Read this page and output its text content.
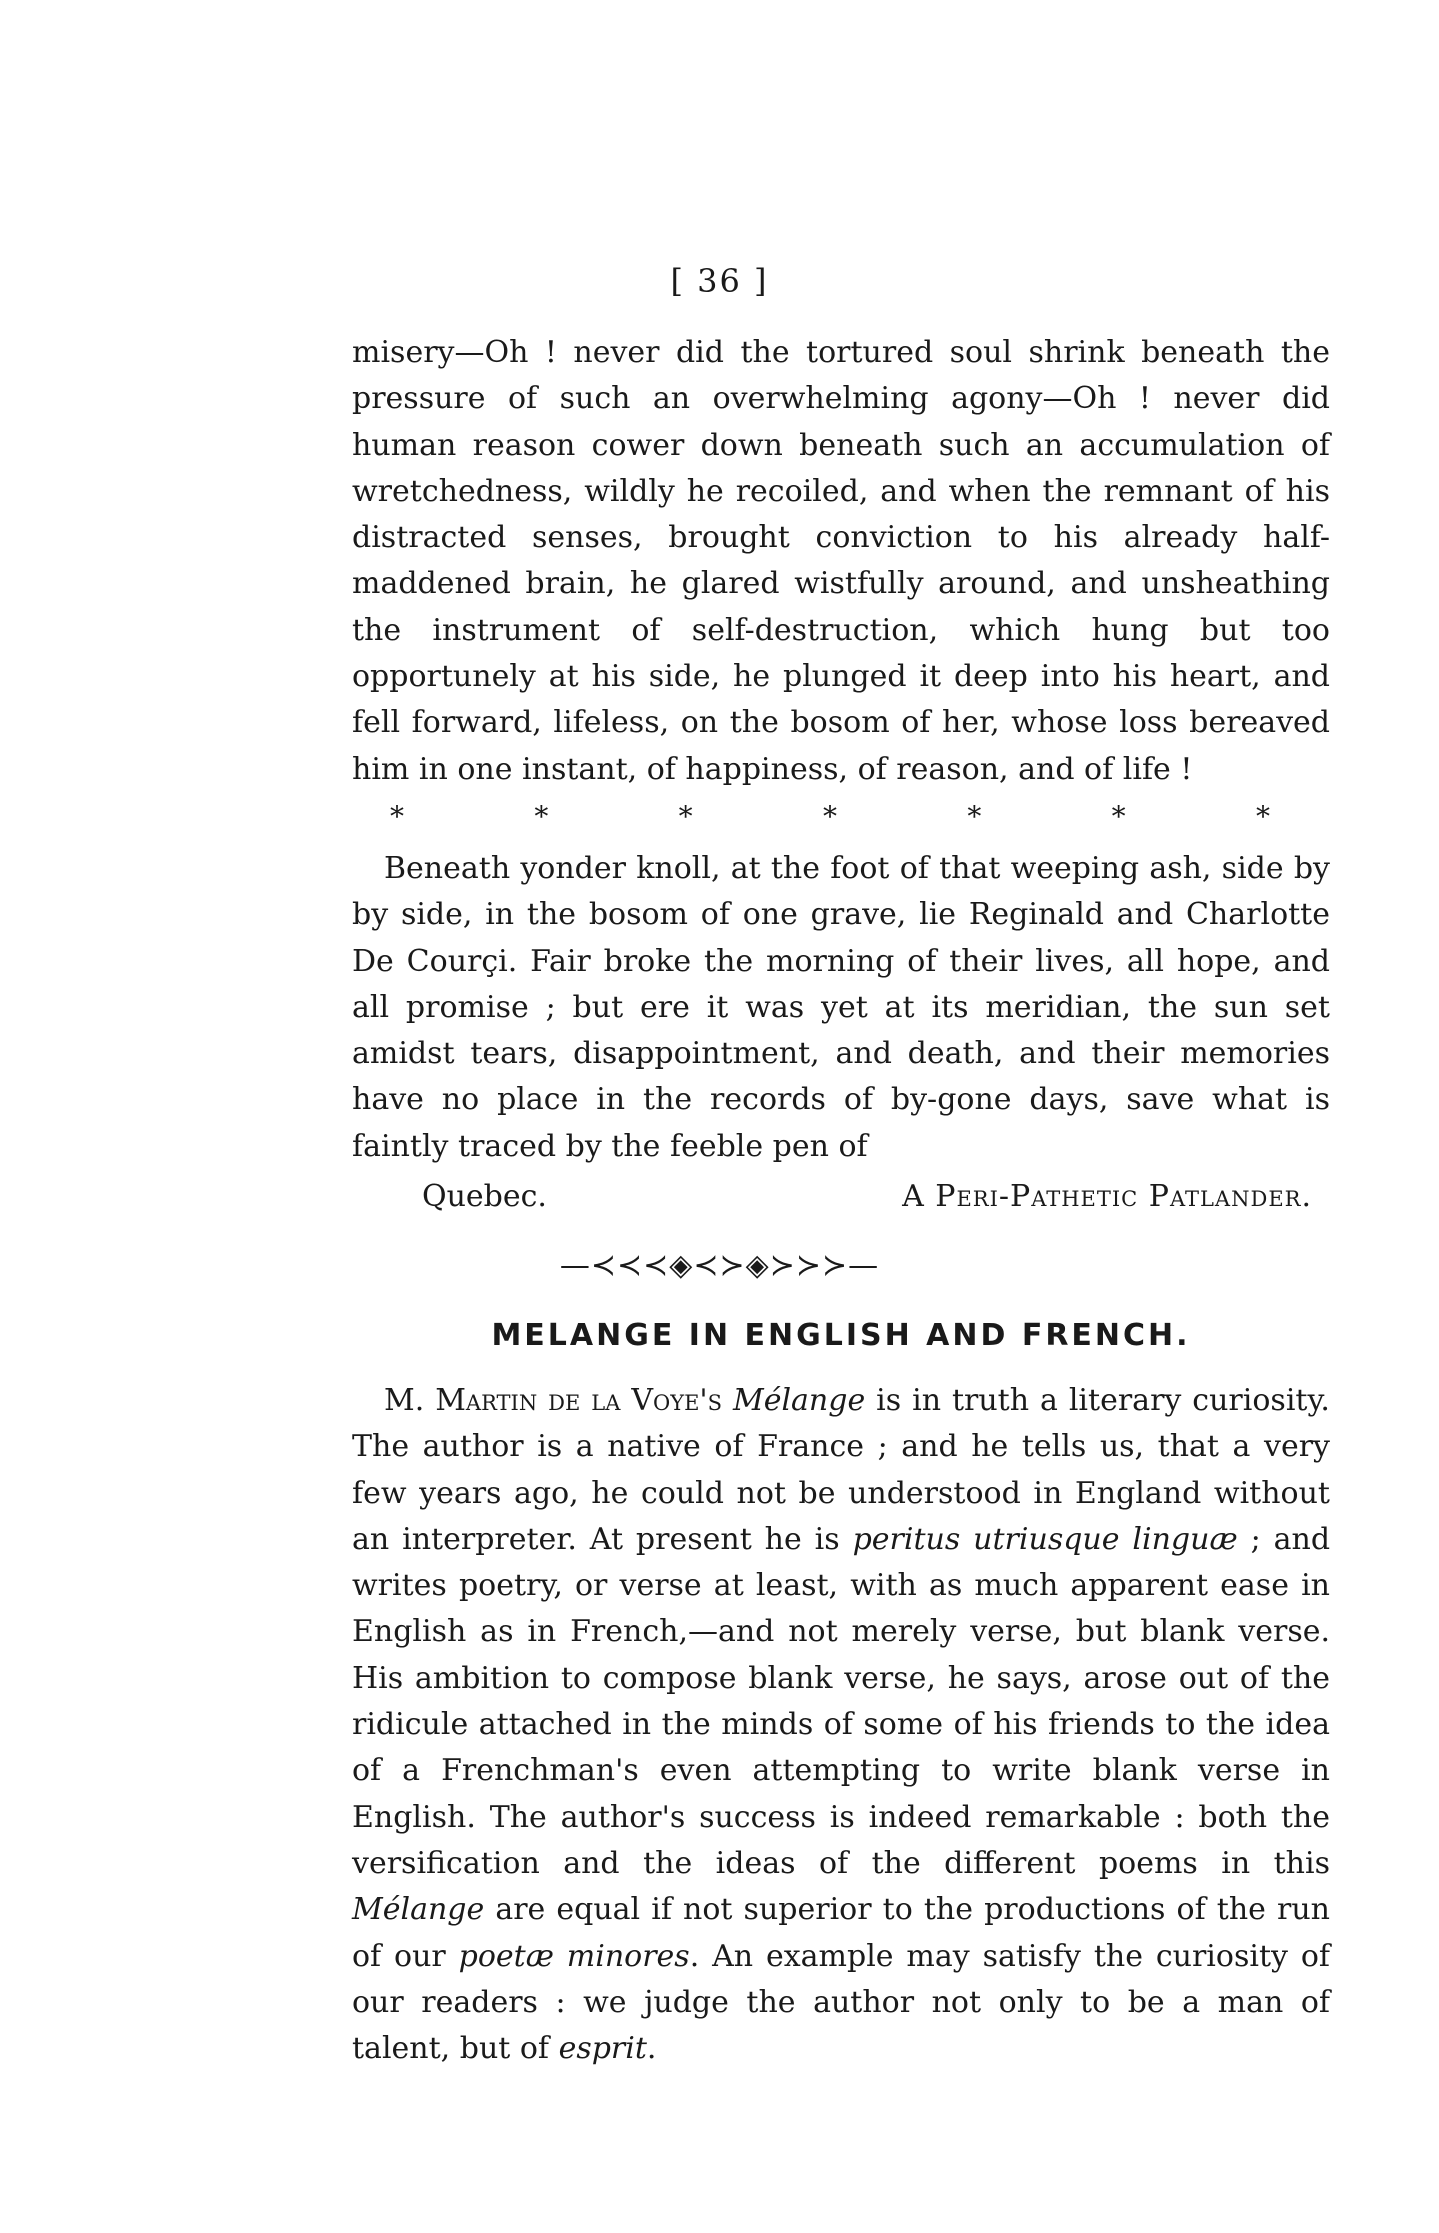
[ 36 ]

misery—Oh ! never did the tortured soul shrink beneath the pressure of such an overwhelming agony—Oh ! never did human reason cower down beneath such an accumulation of wretchedness, wildly he recoiled, and when the remnant of his distracted senses, brought conviction to his already half-maddened brain, he glared wistfully around, and unsheathing the instrument of self-destruction, which hung but too opportunely at his side, he plunged it deep into his heart, and fell forward, lifeless, on the bosom of her, whose loss bereaved him in one instant, of happiness, of reason, and of life !

*	*	*	*	*	*	*

Beneath yonder knoll, at the foot of that weeping ash, side by by side, in the bosom of one grave, lie Reginald and Charlotte De Courçi. Fair broke the morning of their lives, all hope, and all promise ; but ere it was yet at its meridian, the sun set amidst tears, disappointment, and death, and their memories have no place in the records of by-gone days, save what is faintly traced by the feeble pen of

Quebec.	A Peri-Pathetic Patlander.
—≺≺≺◈≺≻◈≻≻≻—
MELANGE IN ENGLISH AND FRENCH.

M. Martin de la Voye's Mélange is in truth a literary curiosity. The author is a native of France ; and he tells us, that a very few years ago, he could not be understood in England without an interpreter. At present he is peritus utriusque linguæ ; and writes poetry, or verse at least, with as much apparent ease in English as in French,—and not merely verse, but blank verse. His ambition to compose blank verse, he says, arose out of the ridicule attached in the minds of some of his friends to the idea of a Frenchman's even attempting to write blank verse in English. The author's success is indeed remarkable : both the versification and the ideas of the different poems in this Mélange are equal if not superior to the productions of the run of our poetæ minores. An example may satisfy the curiosity of our readers : we judge the author not only to be a man of talent, but of esprit.
